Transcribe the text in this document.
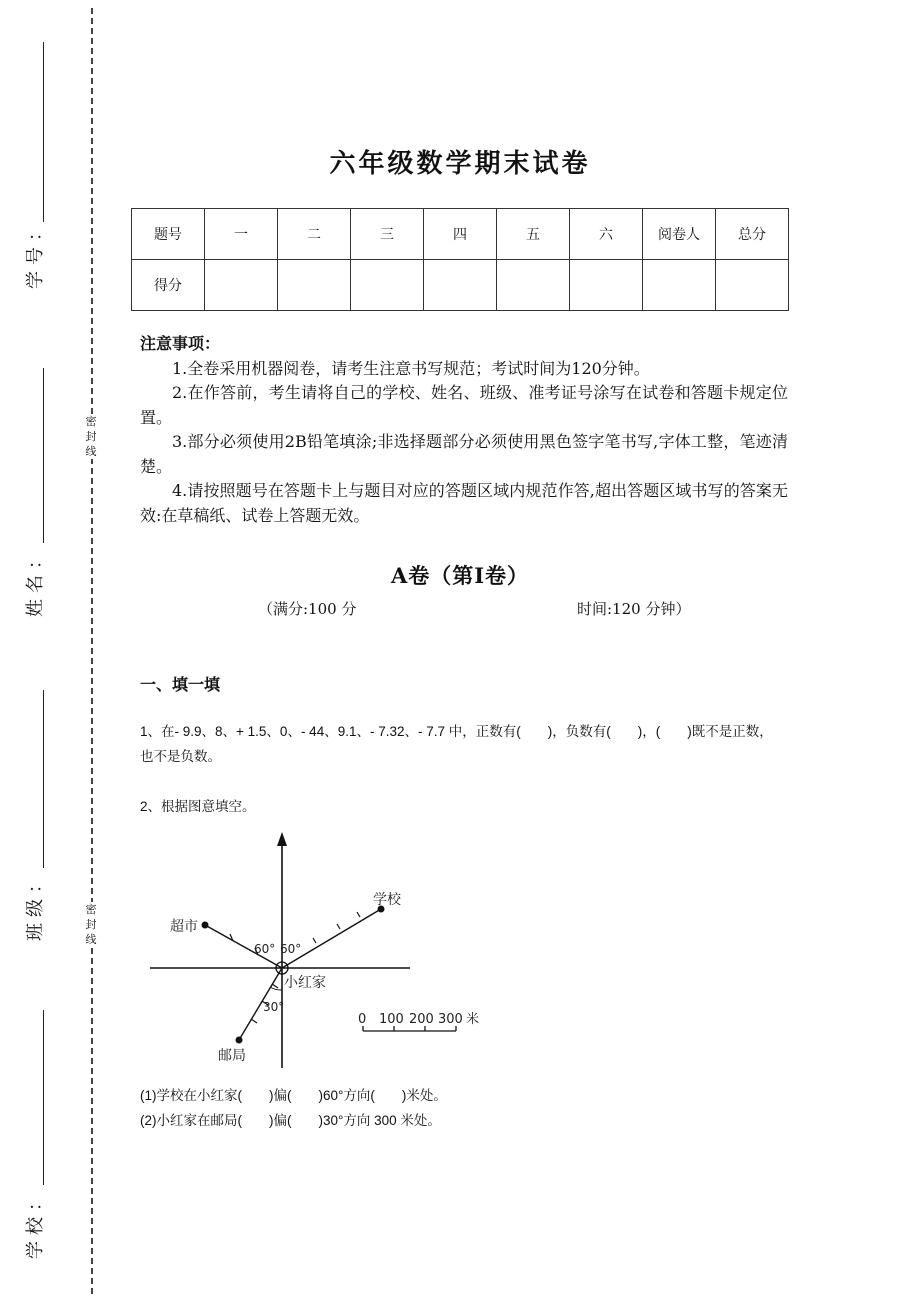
学号：
姓名：
班级：
学校：
密
封
线
密
封
线
六年级数学期末试卷
题号	一	二	三	四	五	六	阅卷人	总分
得分								
注意事项：

1.全卷采用机器阅卷，请考生注意书写规范；考试时间为120分钟。

2.在作答前，考生请将自己的学校、姓名、班级、准考证号涂写在试卷和答题卡规定位置。

3.部分必须使用2B铅笔填涂;非选择题部分必须使用黑色签字笔书写,字体工整，笔迹清楚。

4.请按照题号在答题卡上与题目对应的答题区域内规范作答,超出答题区域书写的答案无效:在草稿纸、试卷上答题无效。

A卷（第Ⅰ卷）
（满分:100 分	时间:120 分钟）
一、填一填
1、在- 9.9、8、+ 1.5、0、- 44、9.1、- 7.32、- 7.7 中，正数有(　　)，负数有(　　)，(　　)既不是正数，也不是负数。
2、根据图意填空。
超市
学校
小红家
邮局
60° 60°
30°
0 100 200 300 米
(1)学校在小红家(　　)偏(　　)60°方向(　　)米处。
(2)小红家在邮局(　　)偏(　　)30°方向 300 米处。
